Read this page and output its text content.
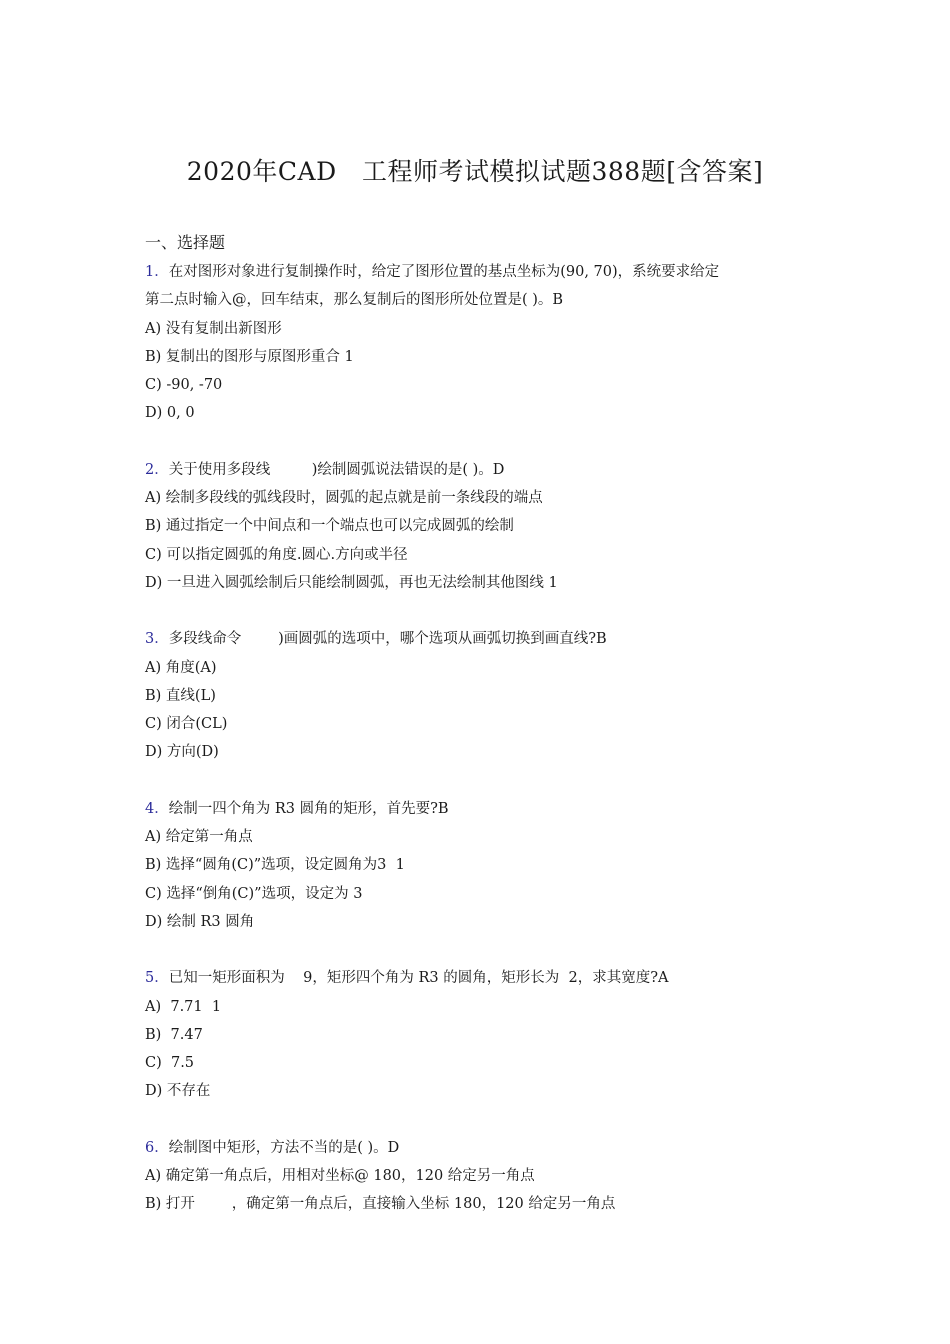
2020年CAD   工程师考试模拟试题388题[含答案]
一、选择题
1．在对图形对象进行复制操作时，给定了图形位置的基点坐标为(90, 70)，系统要求给定
第二点时输入@，回车结束，那么复制后的图形所处位置是( )。B
A) 没有复制出新图形
B) 复制出的图形与原图形重合 1
C) -90, -70
D) 0, 0
2．关于使用多段线         )绘制圆弧说法错误的是( )。D
A) 绘制多段线的弧线段时，圆弧的起点就是前一条线段的端点
B) 通过指定一个中间点和一个端点也可以完成圆弧的绘制
C) 可以指定圆弧的角度.圆心.方向或半径
D) 一旦进入圆弧绘制后只能绘制圆弧，再也无法绘制其他图线 1
3．多段线命令        )画圆弧的选项中，哪个选项从画弧切换到画直线?B
A) 角度(A)
B) 直线(L)
C) 闭合(CL)
D) 方向(D)
4．绘制一四个角为 R3 圆角的矩形，首先要?B
A) 给定第一角点
B) 选择“圆角(C)”选项，设定圆角为3  1
C) 选择“倒角(C)”选项，设定为 3
D) 绘制 R3 圆角
5．已知一矩形面积为    9，矩形四个角为 R3 的圆角，矩形长为  2，求其宽度?A
A)  7.71  1
B)  7.47
C)  7.5
D) 不存在
6．绘制图中矩形，方法不当的是( )。D
A) 确定第一角点后，用相对坐标@ 180，120 给定另一角点
B) 打开        ，确定第一角点后，直接输入坐标 180，120 给定另一角点
